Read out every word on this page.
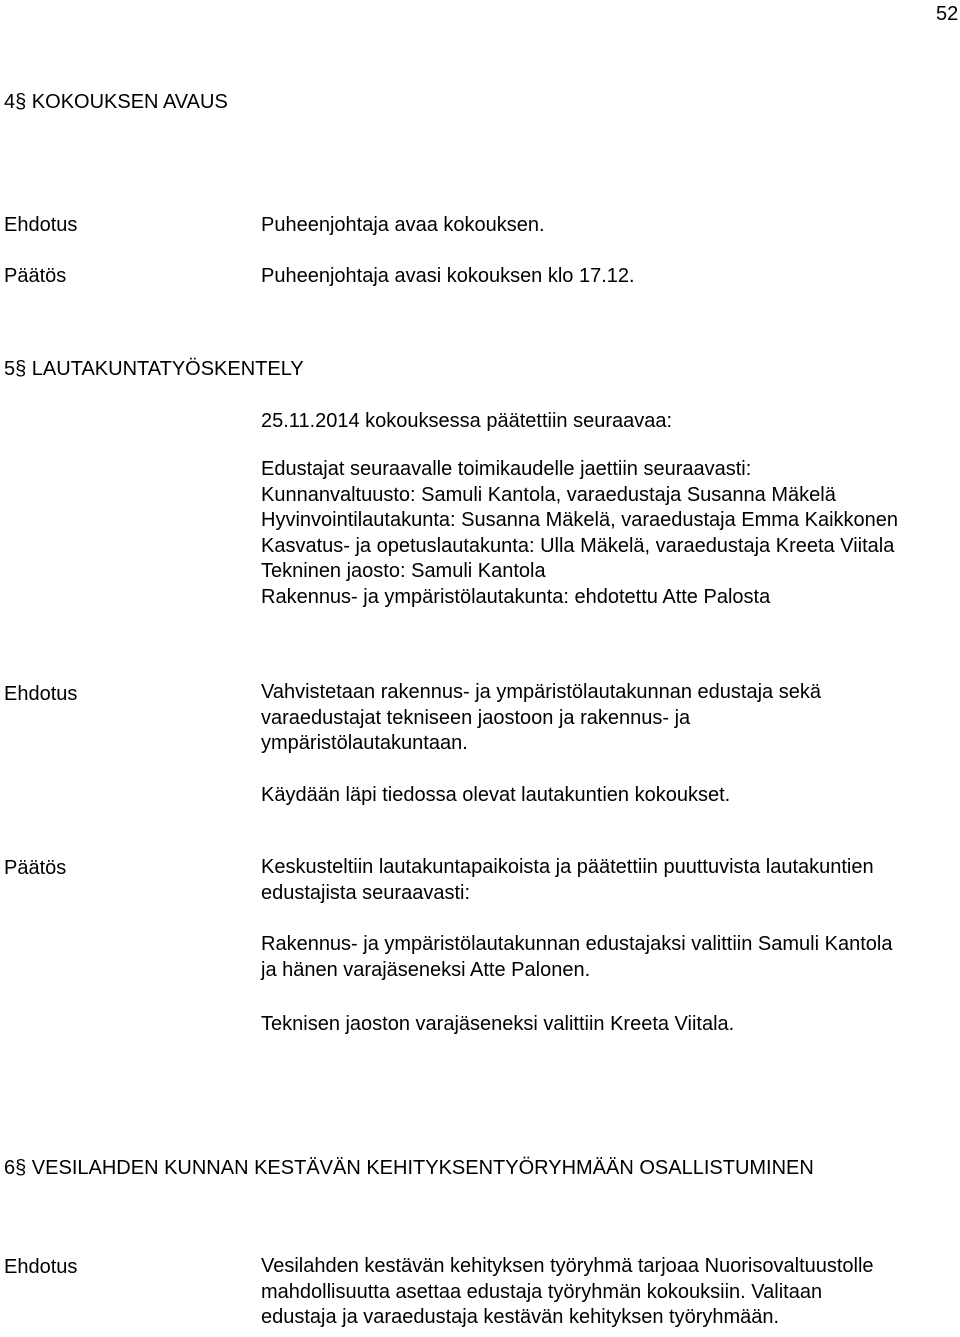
52
4§ KOKOUKSEN AVAUS
Ehdotus	Puheenjohtaja avaa kokouksen.
Päätös	Puheenjohtaja avasi kokouksen klo 17.12.
5§ LAUTAKUNTATYÖSKENTELY
25.11.2014 kokouksessa päätettiin seuraavaa:
Edustajat seuraavalle toimikaudelle jaettiin seuraavasti:
Kunnanvaltuusto: Samuli Kantola, varaedustaja Susanna Mäkelä
Hyvinvointilautakunta: Susanna Mäkelä, varaedustaja Emma Kaikkonen
Kasvatus- ja opetuslautakunta: Ulla Mäkelä, varaedustaja Kreeta Viitala
Tekninen jaosto: Samuli Kantola
Rakennus- ja ympäristölautakunta: ehdotettu Atte Palosta
Ehdotus	Vahvistetaan rakennus- ja ympäristölautakunnan edustaja sekä
varaedustajat tekniseen jaostoon ja rakennus- ja
ympäristölautakuntaan.
Käydään läpi tiedossa olevat lautakuntien kokoukset.
Päätös	Keskusteltiin lautakuntapaikoista ja päätettiin puuttuvista lautakuntien
edustajista seuraavasti:
Rakennus- ja ympäristölautakunnan edustajaksi valittiin Samuli Kantola
ja hänen varajäseneksi Atte Palonen.
Teknisen jaoston varajäseneksi valittiin Kreeta Viitala.
6§ VESILAHDEN KUNNAN KESTÄVÄN KEHITYKSENTYÖRYHMÄÄN OSALLISTUMINEN
Ehdotus	Vesilahden kestävän kehityksen työryhmä tarjoaa Nuorisovaltuustolle
mahdollisuutta asettaa edustaja työryhmän kokouksiin. Valitaan
edustaja ja varaedustaja kestävän kehityksen työryhmään.
